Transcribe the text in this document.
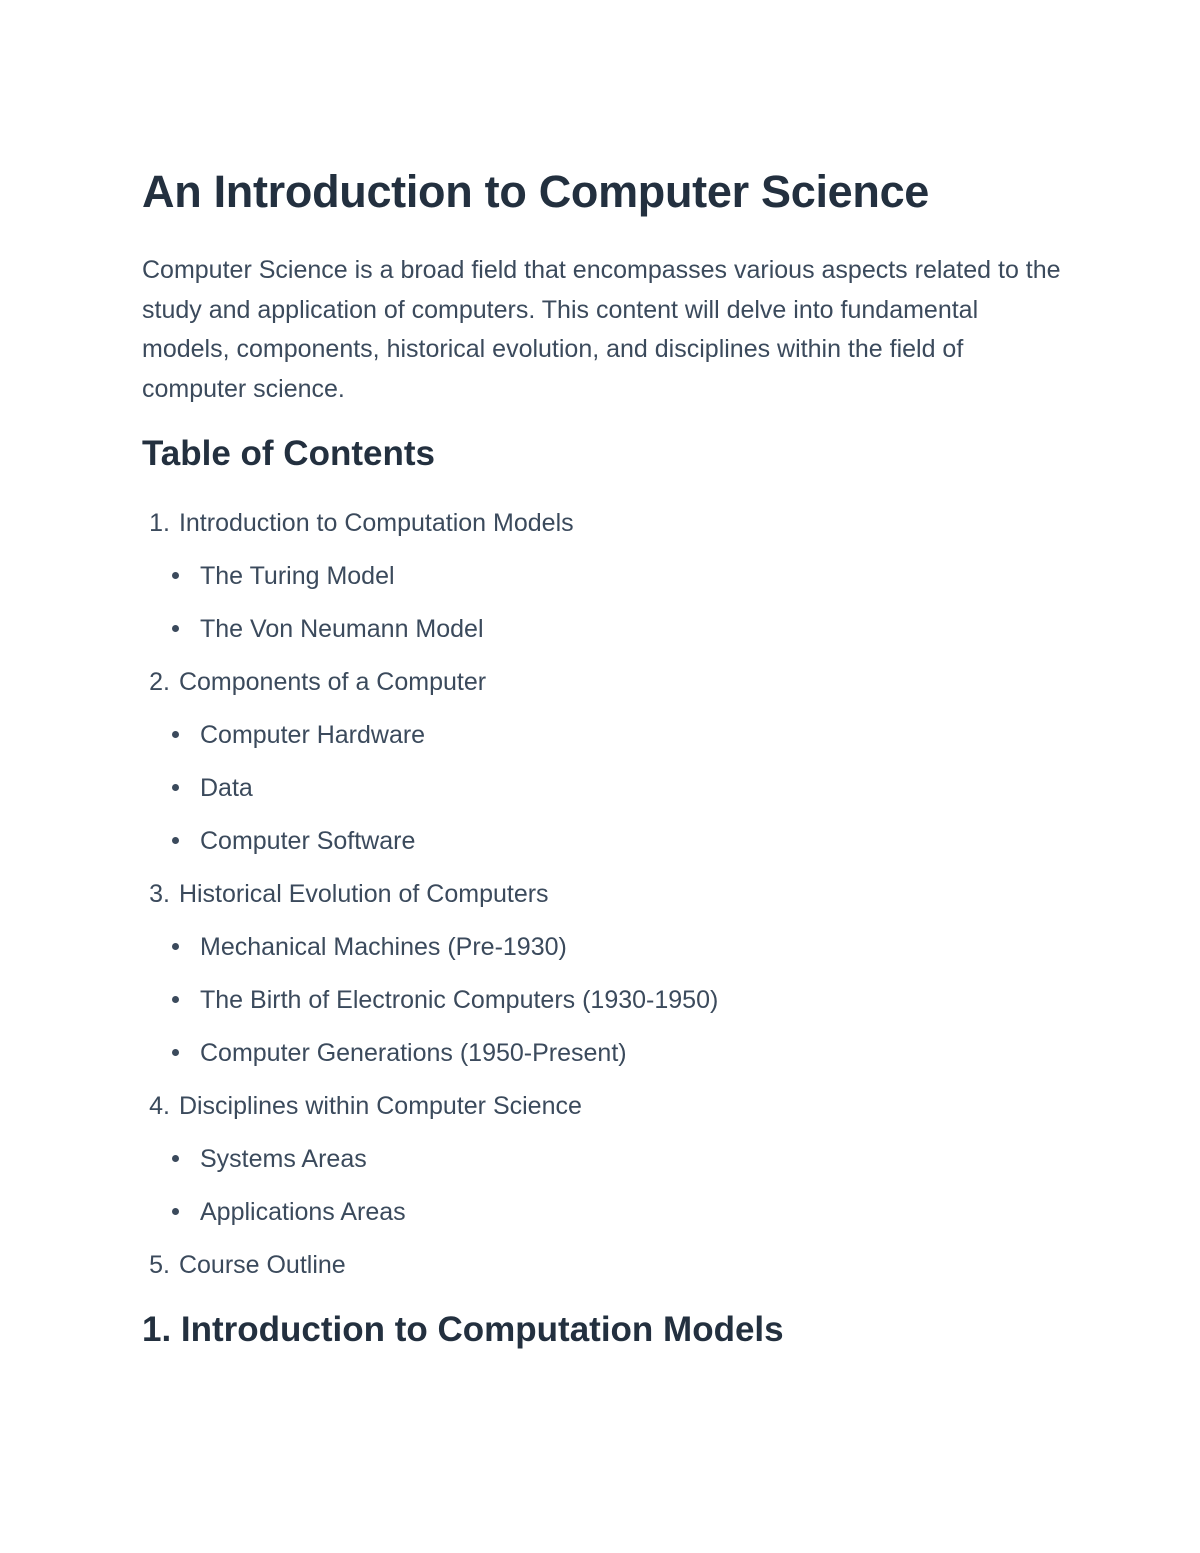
An Introduction to Computer Science

Computer Science is a broad field that encompasses various aspects related to the study and application of computers. This content will delve into fundamental models, components, historical evolution, and disciplines within the field of computer science.

Table of Contents
1. Introduction to Computation Models
The Turing Model
The Von Neumann Model
2. Components of a Computer
Computer Hardware
Data
Computer Software
3. Historical Evolution of Computers
Mechanical Machines (Pre-1930)
The Birth of Electronic Computers (1930-1950)
Computer Generations (1950-Present)
4. Disciplines within Computer Science
Systems Areas
Applications Areas
5. Course Outline
1. Introduction to Computation Models
